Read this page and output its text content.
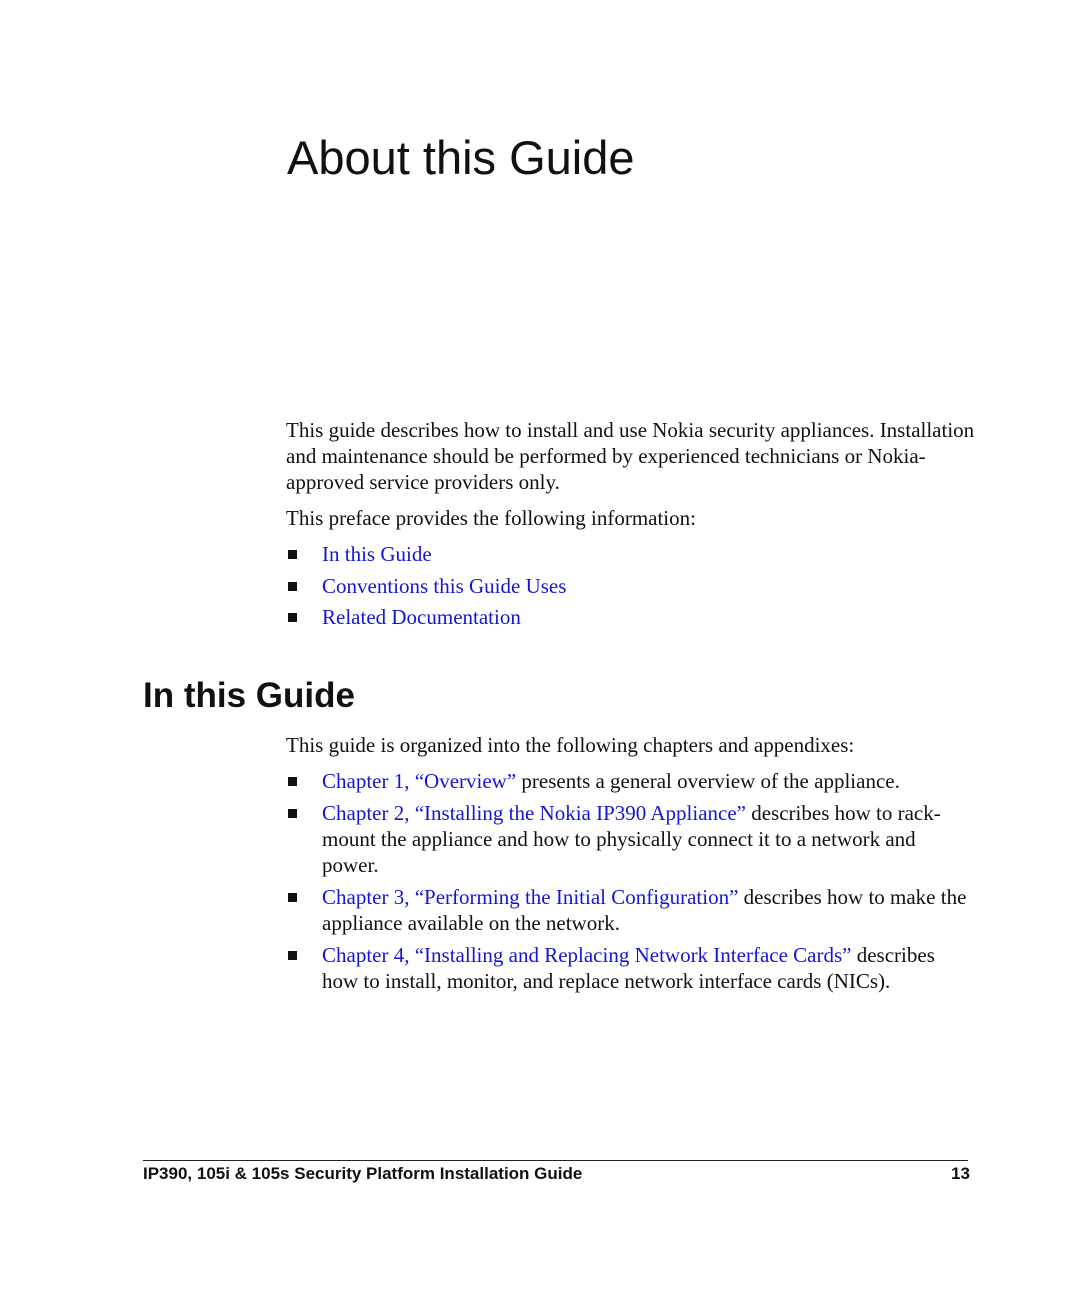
About this Guide

This guide describes how to install and use Nokia security appliances. Installation and maintenance should be performed by experienced technicians or Nokia-approved service providers only.

This preface provides the following information:

In this Guide
Conventions this Guide Uses
Related Documentation
In this Guide

This guide is organized into the following chapters and appendixes:

Chapter 1, “Overview” presents a general overview of the appliance.
Chapter 2, “Installing the Nokia IP390 Appliance” describes how to rack-mount the appliance and how to physically connect it to a network and power.
Chapter 3, “Performing the Initial Configuration” describes how to make the appliance available on the network.
Chapter 4, “Installing and Replacing Network Interface Cards” describes how to install, monitor, and replace network interface cards (NICs).
IP390, 105i & 105s Security Platform Installation Guide	13
